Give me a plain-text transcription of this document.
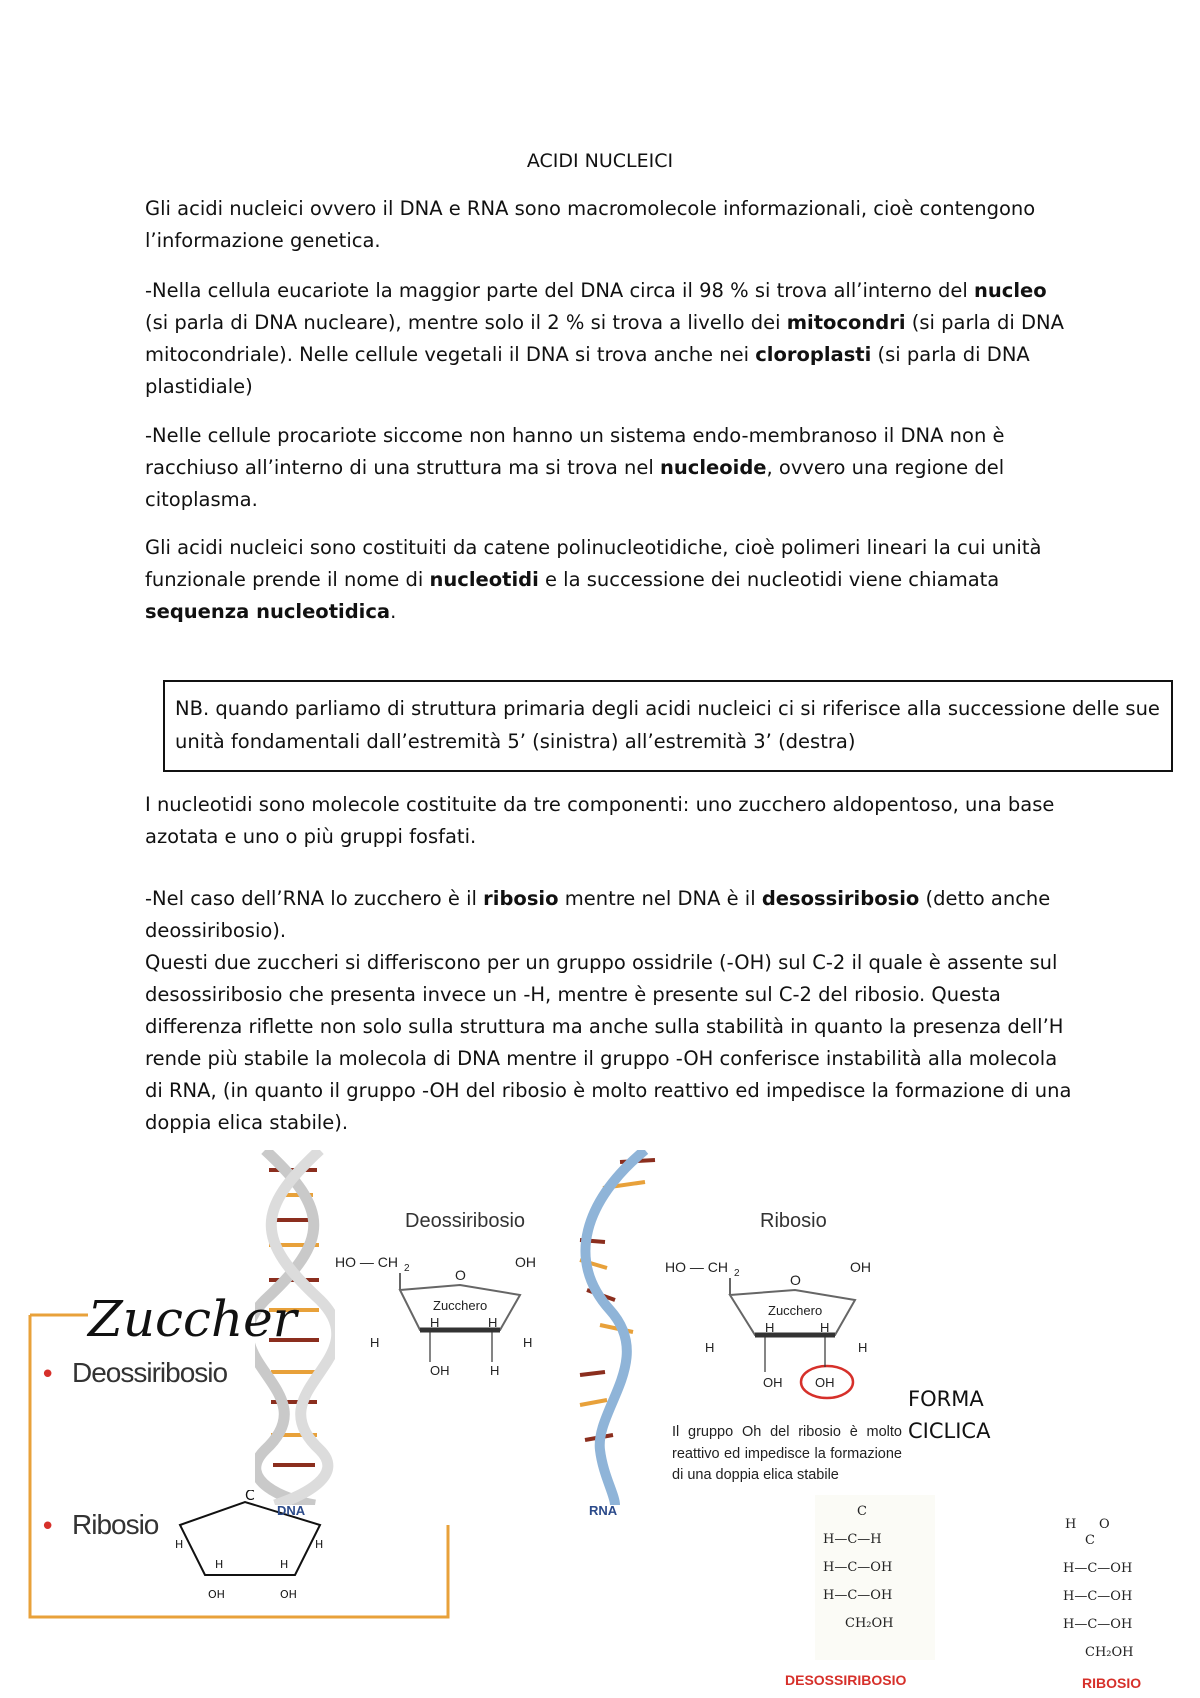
ACIDI NUCLEICI
Gli acidi nucleici ovvero il DNA e RNA sono macromolecole informazionali, cioè contengono l’informazione genetica.
-Nella cellula eucariote la maggior parte del DNA circa il 98 % si trova all’interno del nucleo (si parla di DNA nucleare), mentre solo il 2 % si trova a livello dei mitocondri (si parla di DNA mitocondriale). Nelle cellule vegetali il DNA si trova anche nei cloroplasti (si parla di DNA plastidiale)
-Nelle cellule procariote siccome non hanno un sistema endo-membranoso il DNA non è racchiuso all’interno di una struttura ma si trova nel nucleoide, ovvero una regione del citoplasma.
Gli acidi nucleici sono costituiti da catene polinucleotidiche, cioè polimeri lineari la cui unità funzionale prende il nome di nucleotidi e la successione dei nucleotidi viene chiamata sequenza nucleotidica.
NB. quando parliamo di struttura primaria degli acidi nucleici ci si riferisce alla successione delle sue unità fondamentali dall’estremità 5’ (sinistra) all’estremità 3’ (destra)
I nucleotidi sono molecole costituite da tre componenti: uno zucchero aldopentoso, una base azotata e uno o più gruppi fosfati.
-Nel caso dell’RNA lo zucchero è il ribosio mentre nel DNA è il desossiribosio (detto anche deossiribosio).
Questi due zuccheri si differiscono per un gruppo ossidrile (-OH) sul C-2 il quale è assente sul desossiribosio che presenta invece un -H, mentre è presente sul C-2 del ribosio. Questa differenza riflette non solo sulla struttura ma anche sulla stabilità in quanto la presenza dell’H rende più stabile la molecola di DNA mentre il gruppo -OH conferisce instabilità alla molecola di RNA, (in quanto il gruppo -OH del ribosio è molto reattivo ed impedisce la formazione di una doppia elica stabile).
Deossiribosio
HO — CH 2	O
OH
Zucchero
H	H
H	H
OH	H
Ribosio
HO — CH 2	O
OH
Zucchero
H	H
H	H
OH	OH
FORMA
CICLICA
Il gruppo Oh del ribosio è molto reattivo ed impedisce la formazione di una doppia elica stabile
Zuccher
• Deossiribosio
• Ribosio
C
H
H	H
H
OH	OH
DNA	RNA	C
H—C—H
H—C—OH
H—C—OH
CH₂OH
DESOSSIRIBOSIO
H O
C
H—C—OH
H—C—OH
H—C—OH
CH₂OH
RIBOSIO
